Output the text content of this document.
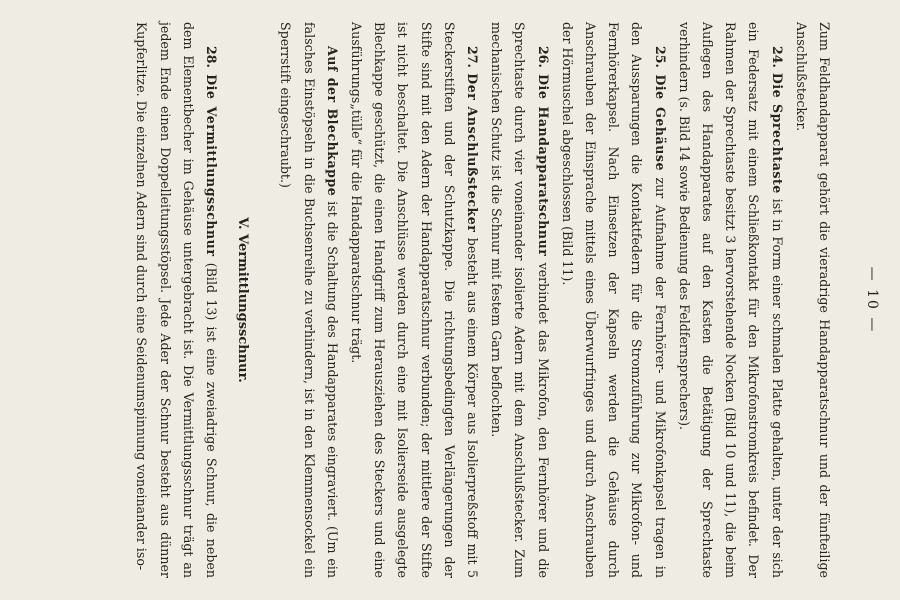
— 10 —

Zum Feldhandapparat gehört die vieradrige Handapparatschnur und der fünfteilige Anschlußstecker.

24. Die Sprechtaste ist in Form einer schmalen Platte gehalten, unter der sich ein Federsatz mit einem Schließkontakt für den Mikrofonstromkreis befindet. Der Rahmen der Sprechtaste besitzt 3 hervorstehende Nocken (Bild 10 und 11), die beim Auflegen des Handapparates auf den Kasten die Betätigung der Sprechtaste verhindern (s. Bild 14 sowie Bedienung des Feldfernsprechers).

25. Die Gehäuse zur Aufnahme der Fernhörer- und Mikrofonkapsel tragen in den Aussparungen die Kontaktfedern für die Stromzuführung zur Mikrofon- und Fernhörerkapsel. Nach Einsetzen der Kapseln werden die Gehäuse durch Anschrauben der Einsprache mittels eines Überwurfringes und durch Anschrauben der Hörmuschel abgeschlossen (Bild 11).

26. Die Handapparatschnur verbindet das Mikrofon, den Fernhörer und die Sprechtaste durch vier voneinander isolierte Adern mit dem Anschlußstecker. Zum mechanischen Schutz ist die Schnur mit festem Garn beflochten.

27. Der Anschlußstecker besteht aus einem Körper aus Isolierpreßstoff mit 5 Steckerstiften und der Schutzkappe. Die richtungsbedingten Verlängerungen der Stifte sind mit den Adern der Handapparatschnur verbunden; der mittlere der Stifte ist nicht beschaltet. Die Anschlüsse werden durch eine mit Isolierseide ausgelegte Blechkappe geschützt, die einen Handgriff zum Herausziehen des Steckers und eine Ausführungs„tülle“ für die Handapparatschnur trägt.

Auf der Blechkappe ist die Schaltung des Handapparates eingraviert. (Um ein falsches Einstöpseln in die Buchsenreihe zu verhindern, ist in den Klemmensockel ein Sperrstift eingeschraubt.)

V. Vermittlungsschnur.

28. Die Vermittlungsschnur (Bild 13) ist eine zweiadrige Schnur, die neben dem Elementbecher im Gehäuse untergebracht ist. Die Vermittlungsschnur trägt an jedem Ende einen Doppelleitungsstöpsel. Jede Ader der Schnur besteht aus dünner Kupferlitze. Die einzelnen Adern sind durch eine Seidenumspinnung voneinander iso-
